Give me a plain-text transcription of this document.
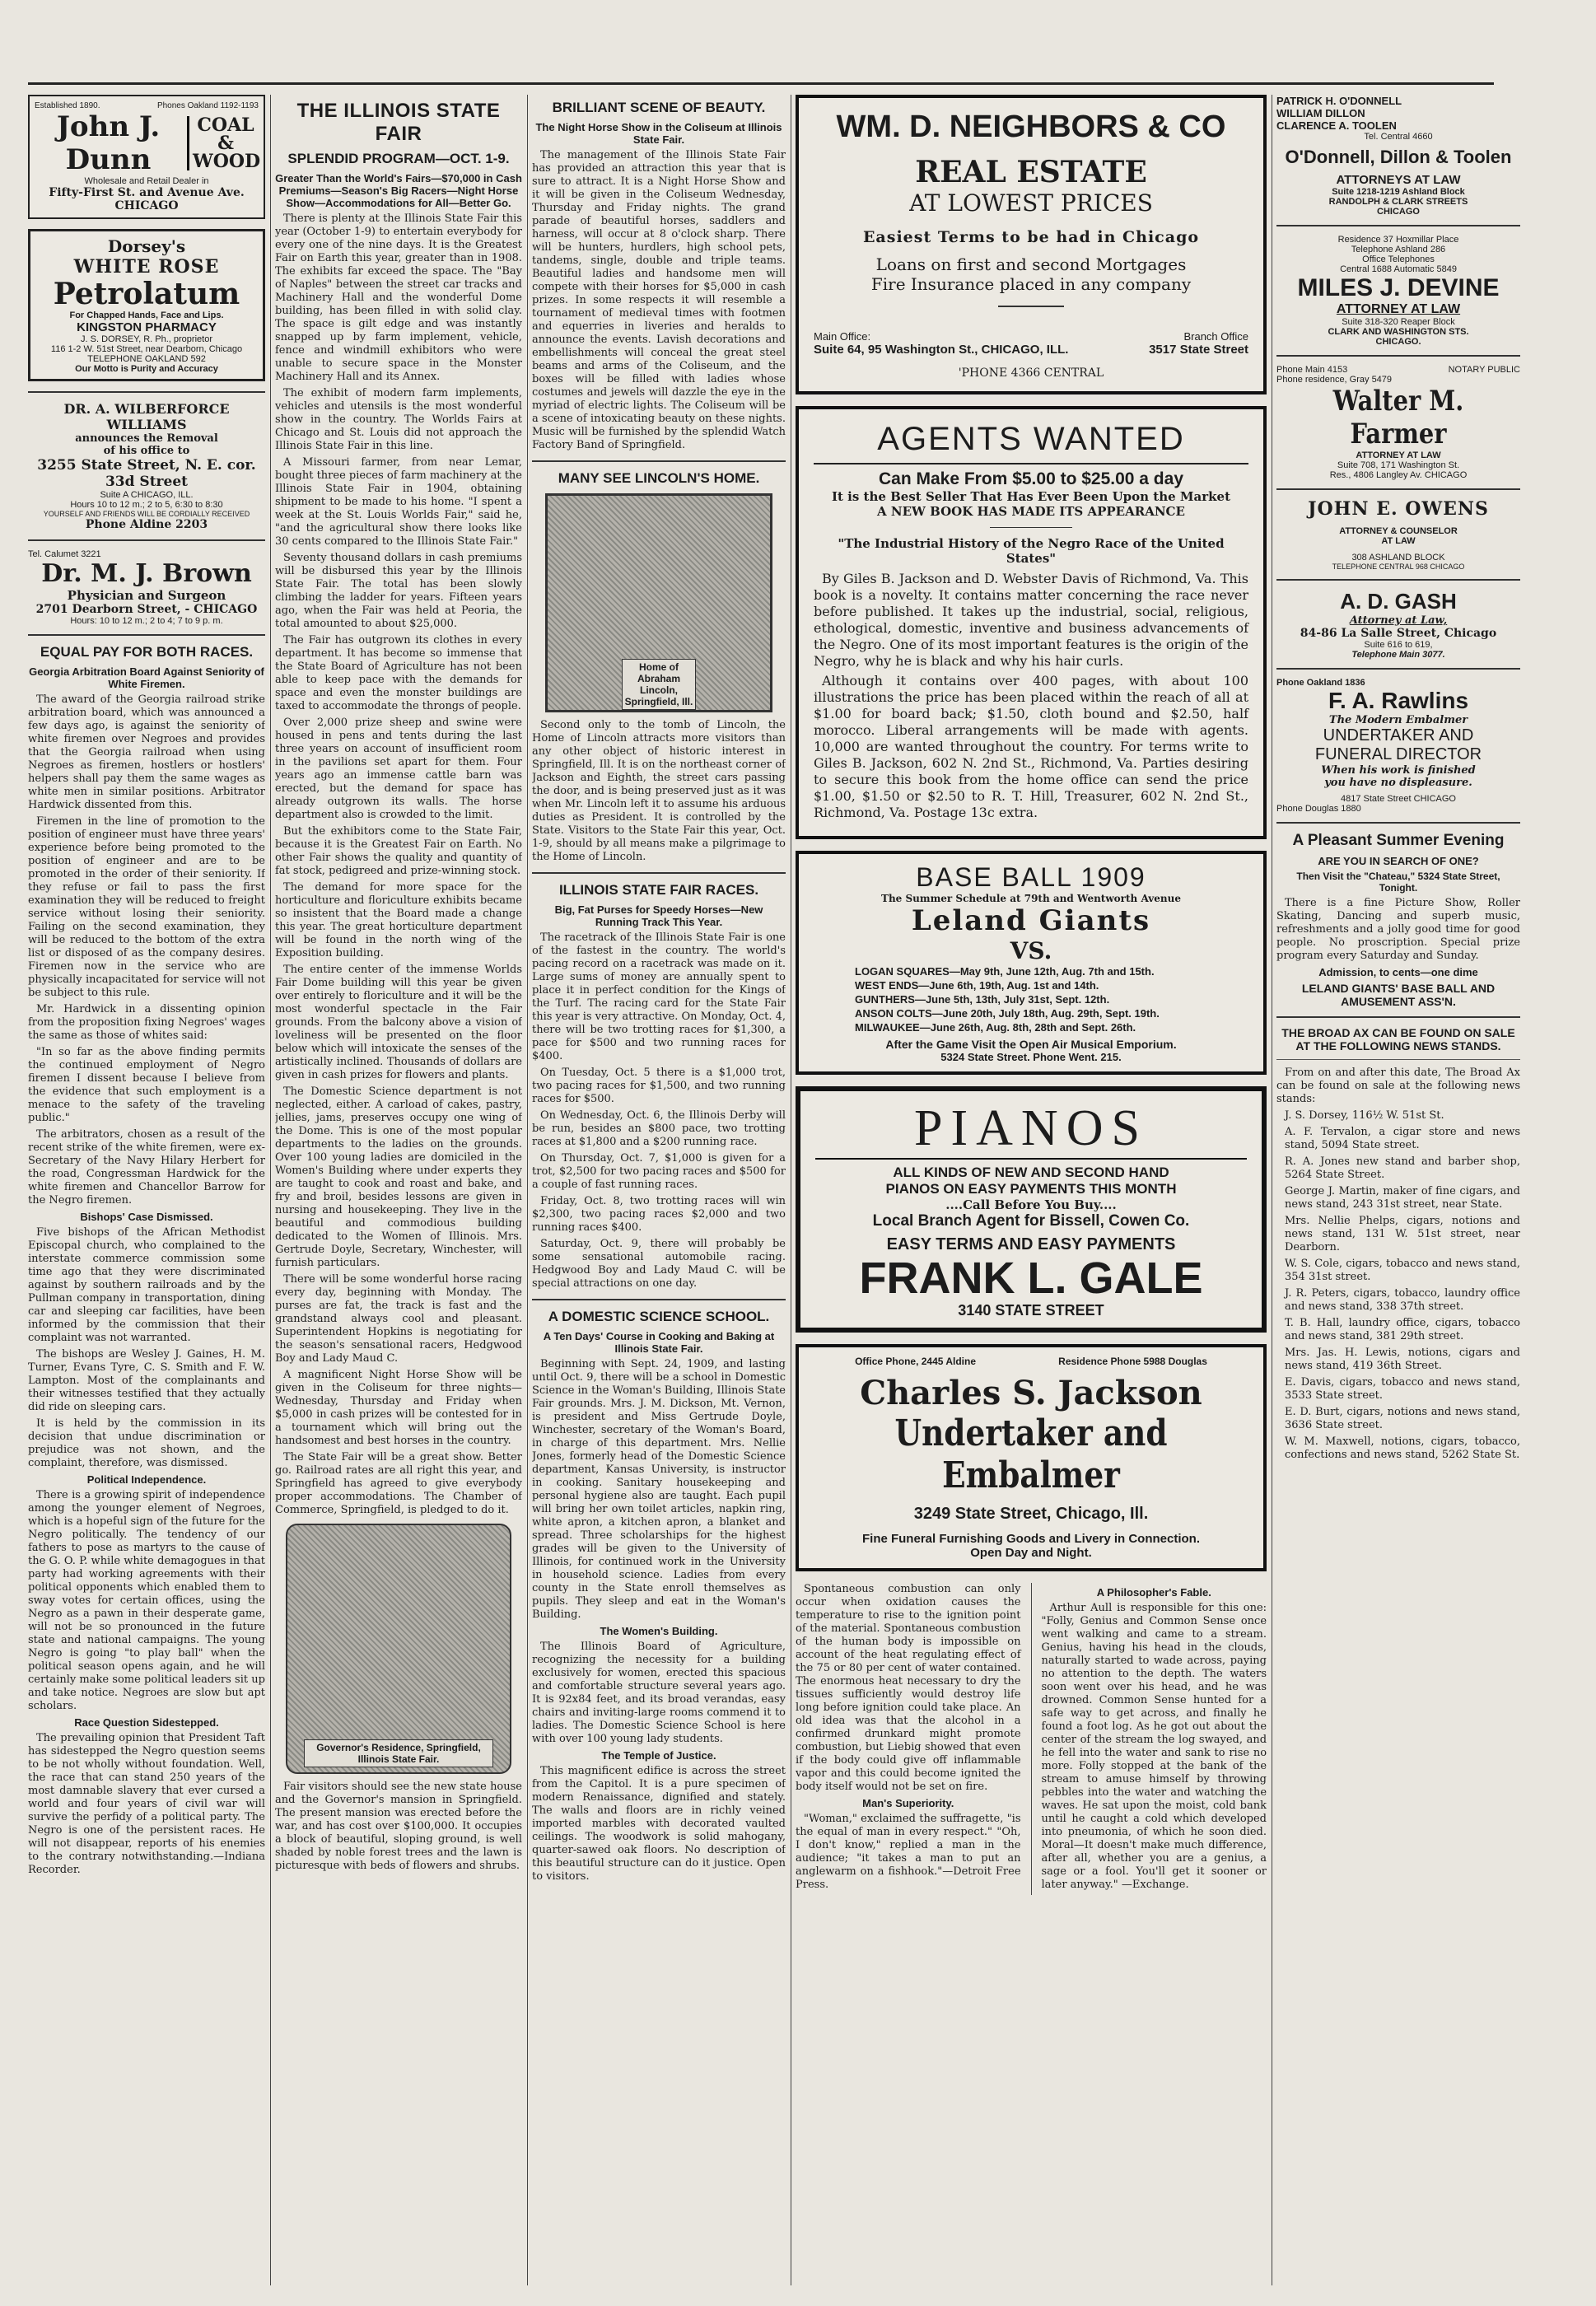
Established 1890.	Phones Oakland 1192-1193
John J. Dunn
COAL & WOOD
Wholesale and Retail Dealer in
Fifty-First St. and Avenue Ave.
CHICAGO
Dorsey's
WHITE ROSE
Petrolatum
For Chapped Hands, Face and Lips.
KINGSTON PHARMACY
J. S. DORSEY, R. Ph., proprietor
116 1-2 W. 51st Street, near Dearborn, Chicago
TELEPHONE OAKLAND 592
Our Motto is Purity and Accuracy
DR. A. WILBERFORCE WILLIAMS
announces the Removal
of his office to
3255 State Street, N. E. cor. 33d Street
Suite A CHICAGO, ILL.
Hours 10 to 12 m.; 2 to 5, 6:30 to 8:30
YOURSELF AND FRIENDS WILL BE CORDIALLY RECEIVED
Phone Aldine 2203
Tel. Calumet 3221
Dr. M. J. Brown
Physician and Surgeon
2701 Dearborn Street, - CHICAGO
Hours: 10 to 12 m.; 2 to 4; 7 to 9 p. m.
EQUAL PAY FOR BOTH RACES.
Georgia Arbitration Board Against Seniority of White Firemen.

The award of the Georgia railroad strike arbitration board, which was announced a few days ago, is against the seniority of white firemen over Negroes and provides that the Georgia railroad when using Negroes as firemen, hostlers or hostlers' helpers shall pay them the same wages as white men in similar positions. Arbitrator Hardwick dissented from this.

Firemen in the line of promotion to the position of engineer must have three years' experience before being promoted to the position of engineer and are to be promoted in the order of their seniority. If they refuse or fail to pass the first examination they will be reduced to freight service without losing their seniority. Failing on the second examination, they will be reduced to the bottom of the extra list or disposed of as the company desires. Firemen now in the service who are physically incapacitated for service will not be subject to this rule.

Mr. Hardwick in a dissenting opinion from the proposition fixing Negroes' wages the same as those of whites said:

"In so far as the above finding permits the continued employment of Negro firemen I dissent because I believe from the evidence that such employment is a menace to the safety of the traveling public."

The arbitrators, chosen as a result of the recent strike of the white firemen, were ex-Secretary of the Navy Hilary Herbert for the road, Congressman Hardwick for the white firemen and Chancellor Barrow for the Negro firemen.

Bishops' Case Dismissed.

Five bishops of the African Methodist Episcopal church, who complained to the interstate commerce commission some time ago that they were discriminated against by southern railroads and by the Pullman company in transportation, dining car and sleeping car facilities, have been informed by the commission that their complaint was not warranted.

The bishops are Wesley J. Gaines, H. M. Turner, Evans Tyre, C. S. Smith and F. W. Lampton. Most of the complainants and their witnesses testified that they actually did ride on sleeping cars.

It is held by the commission in its decision that undue discrimination or prejudice was not shown, and the complaint, therefore, was dismissed.

Political Independence.

There is a growing spirit of independence among the younger element of Negroes, which is a hopeful sign of the future for the Negro politically. The tendency of our fathers to pose as martyrs to the cause of the G. O. P. while white demagogues in that party had working agreements with their political opponents which enabled them to sway votes for certain offices, using the Negro as a pawn in their desperate game, will not be so pronounced in the future state and national campaigns. The young Negro is going "to play ball" when the political season opens again, and he will certainly make some political leaders sit up and take notice. Negroes are slow but apt scholars.

Race Question Sidestepped.

The prevailing opinion that President Taft has sidestepped the Negro question seems to be not wholly without foundation. Well, the race that can stand 250 years of the most damnable slavery that ever cursed a world and four years of civil war will survive the perfidy of a political party. The Negro is one of the persistent races. He will not disappear, reports of his enemies to the contrary notwithstanding.—Indiana Recorder.

THE ILLINOIS STATE FAIR
SPLENDID PROGRAM—OCT. 1-9.
Greater Than the World's Fairs—$70,000 in Cash Premiums—Season's Big Racers—Night Horse Show—Accommodations for All—Better Go.

There is plenty at the Illinois State Fair this year (October 1-9) to entertain everybody for every one of the nine days. It is the Greatest Fair on Earth this year, greater than in 1908. The exhibits far exceed the space. The "Bay of Naples" between the street car tracks and Machinery Hall and the wonderful Dome building, has been filled in with solid clay. The space is gilt edge and was instantly snapped up by farm implement, vehicle, fence and windmill exhibitors who were unable to secure space in the Monster Machinery Hall and its Annex.

The exhibit of modern farm implements, vehicles and utensils is the most wonderful show in the country. The Worlds Fairs at Chicago and St. Louis did not approach the Illinois State Fair in this line.

A Missouri farmer, from near Lemar, bought three pieces of farm machinery at the Illinois State Fair in 1904, obtaining shipment to be made to his home. "I spent a week at the St. Louis Worlds Fair," said he, "and the agricultural show there looks like 30 cents compared to the Illinois State Fair."

Seventy thousand dollars in cash premiums will be disbursed this year by the Illinois State Fair. The total has been slowly climbing the ladder for years. Fifteen years ago, when the Fair was held at Peoria, the total amounted to about $25,000.

The Fair has outgrown its clothes in every department. It has become so immense that the State Board of Agriculture has not been able to keep pace with the demands for space and even the monster buildings are taxed to accommodate the throngs of people.

Over 2,000 prize sheep and swine were housed in pens and tents during the last three years on account of insufficient room in the pavilions set apart for them. Four years ago an immense cattle barn was erected, but the demand for space has already outgrown its walls. The horse department also is crowded to the limit.

But the exhibitors come to the State Fair, because it is the Greatest Fair on Earth. No other Fair shows the quality and quantity of fat stock, pedigreed and prize-winning stock.

The demand for more space for the horticulture and floriculture exhibits became so insistent that the Board made a change this year. The great horticulture department will be found in the north wing of the Exposition building.

The entire center of the immense Worlds Fair Dome building will this year be given over entirely to floriculture and it will be the most wonderful spectacle in the Fair grounds. From the balcony above a vision of loveliness will be presented on the floor below which will intoxicate the senses of the artistically inclined. Thousands of dollars are given in cash prizes for flowers and plants.

The Domestic Science department is not neglected, either. A carload of cakes, pastry, jellies, jams, preserves occupy one wing of the Dome. This is one of the most popular departments to the ladies on the grounds. Over 100 young ladies are domiciled in the Women's Building where under experts they are taught to cook and roast and bake, and fry and broil, besides lessons are given in nursing and housekeeping. They live in the beautiful and commodious building dedicated to the Women of Illinois. Mrs. Gertrude Doyle, Secretary, Winchester, will furnish particulars.

There will be some wonderful horse racing every day, beginning with Monday. The purses are fat, the track is fast and the grandstand always cool and pleasant. Superintendent Hopkins is negotiating for the season's sensational racers, Hedgwood Boy and Lady Maud C.

A magnificent Night Horse Show will be given in the Coliseum for three nights—Wednesday, Thursday and Friday when $5,000 in cash prizes will be contested for in a tournament which will bring out the handsomest and best horses in the country.

The State Fair will be a great show. Better go. Railroad rates are all right this year, and Springfield has agreed to give everybody proper accommodations. The Chamber of Commerce, Springfield, is pledged to do it.

Governor's Residence, Springfield, Illinois State Fair.

Fair visitors should see the new state house and the Governor's mansion in Springfield. The present mansion was erected before the war, and has cost over $100,000. It occupies a block of beautiful, sloping ground, is well shaded by noble forest trees and the lawn is picturesque with beds of flowers and shrubs.

BRILLIANT SCENE OF BEAUTY.
The Night Horse Show in the Coliseum at Illinois State Fair.

The management of the Illinois State Fair has provided an attraction this year that is sure to attract. It is a Night Horse Show and it will be given in the Coliseum Wednesday, Thursday and Friday nights. The grand parade of beautiful horses, saddlers and harness, will occur at 8 o'clock sharp. There will be hunters, hurdlers, high school pets, tandems, single, double and triple teams. Beautiful ladies and handsome men will compete with their horses for $5,000 in cash prizes. In some respects it will resemble a tournament of medieval times with footmen and equerries in liveries and heralds to announce the events. Lavish decorations and embellishments will conceal the great steel beams and arms of the Coliseum, and the boxes will be filled with ladies whose costumes and jewels will dazzle the eye in the myriad of electric lights. The Coliseum will be a scene of intoxicating beauty on these nights. Music will be furnished by the splendid Watch Factory Band of Springfield.

MANY SEE LINCOLN'S HOME.
Home of
Abraham Lincoln,
Springfield, Ill.

Second only to the tomb of Lincoln, the Home of Lincoln attracts more visitors than any other object of historic interest in Springfield, Ill. It is on the northeast corner of Jackson and Eighth, the street cars passing the door, and is being preserved just as it was when Mr. Lincoln left it to assume his arduous duties as President. It is controlled by the State. Visitors to the State Fair this year, Oct. 1-9, should by all means make a pilgrimage to the Home of Lincoln.

ILLINOIS STATE FAIR RACES.
Big, Fat Purses for Speedy Horses—New Running Track This Year.

The racetrack of the Illinois State Fair is one of the fastest in the country. The world's pacing record on a racetrack was made on it. Large sums of money are annually spent to place it in perfect condition for the Kings of the Turf. The racing card for the State Fair this year is very attractive. On Monday, Oct. 4, there will be two trotting races for $1,300, a pace for $500 and two running races for $400.

On Tuesday, Oct. 5 there is a $1,000 trot, two pacing races for $1,500, and two running races for $500.

On Wednesday, Oct. 6, the Illinois Derby will be run, besides an $800 pace, two trotting races at $1,800 and a $200 running race.

On Thursday, Oct. 7, $1,000 is given for a trot, $2,500 for two pacing races and $500 for a couple of fast running races.

Friday, Oct. 8, two trotting races will win $2,300, two pacing races $2,000 and two running races $400.

Saturday, Oct. 9, there will probably be some sensational automobile racing. Hedgwood Boy and Lady Maud C. will be special attractions on one day.

A DOMESTIC SCIENCE SCHOOL.
A Ten Days' Course in Cooking and Baking at Illinois State Fair.

Beginning with Sept. 24, 1909, and lasting until Oct. 9, there will be a school in Domestic Science in the Woman's Building, Illinois State Fair grounds. Mrs. J. M. Dickson, Mt. Vernon, is president and Miss Gertrude Doyle, Winchester, secretary of the Woman's Board, in charge of this department. Mrs. Nellie Jones, formerly head of the Domestic Science department, Kansas University, is instructor in cooking. Sanitary housekeeping and personal hygiene also are taught. Each pupil will bring her own toilet articles, napkin ring, white apron, a kitchen apron, a blanket and spread. Three scholarships for the highest grades will be given to the University of Illinois, for continued work in the University in household science. Ladies from every county in the State enroll themselves as pupils. They sleep and eat in the Woman's Building.

The Women's Building.

The Illinois Board of Agriculture, recognizing the necessity for a building exclusively for women, erected this spacious and comfortable structure several years ago. It is 92x84 feet, and its broad verandas, easy chairs and inviting-large rooms commend it to ladies. The Domestic Science School is here with over 100 young lady students.

The Temple of Justice.

This magnificent edifice is across the street from the Capitol. It is a pure specimen of modern Renaissance, dignified and stately. The walls and floors are in richly veined imported marbles with decorated vaulted ceilings. The woodwork is solid mahogany, quarter-sawed oak floors. No description of this beautiful structure can do it justice. Open to visitors.

WM. D. NEIGHBORS & CO
REAL ESTATE
AT LOWEST PRICES
Easiest Terms to be had in Chicago
Loans on first and second Mortgages
Fire Insurance placed in any company
Main Office:
Suite 64, 95 Washington St., CHICAGO, ILL.
Branch Office
3517 State Street
'PHONE 4366 CENTRAL
AGENTS WANTED
Can Make From $5.00 to $25.00 a day
It is the Best Seller That Has Ever Been Upon the Market
A NEW BOOK HAS MADE ITS APPEARANCE
"The Industrial History of the Negro Race of the United States"

By Giles B. Jackson and D. Webster Davis of Richmond, Va. This book is a novelty. It contains matter concerning the race never before published. It takes up the industrial, social, religious, ethological, domestic, inventive and business advancements of the Negro. One of its most important features is the origin of the Negro, why he is black and why his hair curls.

Although it contains over 400 pages, with about 100 illustrations the price has been placed within the reach of all at $1.00 for board back; $1.50, cloth bound and $2.50, half morocco. Liberal arrangements will be made with agents. 10,000 are wanted throughout the country. For terms write to Giles B. Jackson, 602 N. 2nd St., Richmond, Va. Parties desiring to secure this book from the home office can send the price $1.00, $1.50 or $2.50 to R. T. Hill, Treasurer, 602 N. 2nd St., Richmond, Va. Postage 13c extra.

BASE BALL 1909
The Summer Schedule at 79th and Wentworth Avenue
Leland Giants
VS.
LOGAN SQUARES—May 9th, June 12th, Aug. 7th and 15th.
WEST ENDS—June 6th, 19th, Aug. 1st and 14th.
GUNTHERS—June 5th, 13th, July 31st, Sept. 12th.
ANSON COLTS—June 20th, July 18th, Aug. 29th, Sept. 19th.
MILWAUKEE—June 26th, Aug. 8th, 28th and Sept. 26th.
After the Game Visit the Open Air Musical Emporium.
5324 State Street. Phone Went. 215.
PIANOS
ALL KINDS OF NEW AND SECOND HAND
PIANOS ON EASY PAYMENTS THIS MONTH
....Call Before You Buy....
Local Branch Agent for Bissell, Cowen Co.
EASY TERMS AND EASY PAYMENTS
FRANK L. GALE
3140 STATE STREET
Office Phone, 2445 Aldine	Residence Phone 5988 Douglas
Charles S. Jackson
Undertaker and Embalmer
3249 State Street, Chicago, Ill.
Fine Funeral Furnishing Goods and Livery in Connection. Open Day and Night.

Spontaneous combustion can only occur when oxidation causes the temperature to rise to the ignition point of the material. Spontaneous combustion of the human body is impossible on account of the heat regulating effect of the 75 or 80 per cent of water contained. The enormous heat necessary to dry the tissues sufficiently would destroy life long before ignition could take place. An old idea was that the alcohol in a confirmed drunkard might promote combustion, but Liebig showed that even if the body could give off inflammable vapor and this could become ignited the body itself would not be set on fire.

Man's Superiority.

"Woman," exclaimed the suffragette, "is the equal of man in every respect." "Oh, I don't know," replied a man in the audience; "it takes a man to put an anglewarm on a fishhook."—Detroit Free Press.

A Philosopher's Fable.

Arthur Aull is responsible for this one: "Folly, Genius and Common Sense once went walking and came to a stream. Genius, having his head in the clouds, naturally started to wade across, paying no attention to the depth. The waters soon went over his head, and he was drowned. Common Sense hunted for a safe way to get across, and finally he found a foot log. As he got out about the center of the stream the log swayed, and he fell into the water and sank to rise no more. Folly stopped at the bank of the stream to amuse himself by throwing pebbles into the water and watching the waves. He sat upon the moist, cold bank until he caught a cold which developed into pneumonia, of which he soon died. Moral—It doesn't make much difference, after all, whether you are a genius, a sage or a fool. You'll get it sooner or later anyway." —Exchange.

PATRICK H. O'DONNELL
WILLIAM DILLON
CLARENCE A. TOOLEN
Tel. Central 4660
O'Donnell, Dillon & Toolen
ATTORNEYS AT LAW
Suite 1218-1219 Ashland Block
RANDOLPH & CLARK STREETS
CHICAGO
Residence 37 Hoxmillar Place
Telephone Ashland 286
Office Telephones
Central 1688 Automatic 5849
MILES J. DEVINE
ATTORNEY AT LAW
Suite 318-320 Reaper Block
CLARK AND WASHINGTON STS.
CHICAGO.
Phone Main 4153	NOTARY PUBLIC
Phone residence, Gray 5479
Walter M. Farmer
ATTORNEY AT LAW
Suite 708, 171 Washington St.
Res., 4806 Langley Av. CHICAGO
JOHN E. OWENS
ATTORNEY & COUNSELOR
AT LAW
308 ASHLAND BLOCK
TELEPHONE CENTRAL 968 CHICAGO
A. D. GASH
Attorney at Law,
84-86 La Salle Street, Chicago
Suite 616 to 619,
Telephone Main 3077.
Phone Oakland 1836
F. A. Rawlins
The Modern Embalmer
UNDERTAKER AND
FUNERAL DIRECTOR
When his work is finished
you have no displeasure.
4817 State Street CHICAGO
Phone Douglas 1880
A Pleasant Summer Evening
ARE YOU IN SEARCH OF ONE?
Then Visit the "Chateau," 5324 State Street, Tonight.

There is a fine Picture Show, Roller Skating, Dancing and superb music, refreshments and a jolly good time for good people. No proscription. Special prize program every Saturday and Sunday.

Admission, to cents—one dime
LELAND GIANTS' BASE BALL AND AMUSEMENT ASS'N.
THE BROAD AX CAN BE FOUND ON SALE AT THE FOLLOWING NEWS STANDS.

From on and after this date, The Broad Ax can be found on sale at the following news stands:

J. S. Dorsey, 116½ W. 51st St.

A. F. Tervalon, a cigar store and news stand, 5094 State street.

R. A. Jones new stand and barber shop, 5264 State Street.

George J. Martin, maker of fine cigars, and news stand, 243 31st street, near State.

Mrs. Nellie Phelps, cigars, notions and news stand, 131 W. 51st street, near Dearborn.

W. S. Cole, cigars, tobacco and news stand, 354 31st street.

J. R. Peters, cigars, tobacco, laundry office and news stand, 338 37th street.

T. B. Hall, laundry office, cigars, tobacco and news stand, 381 29th street.

Mrs. Jas. H. Lewis, notions, cigars and news stand, 419 36th Street.

E. Davis, cigars, tobacco and news stand, 3533 State street.

E. D. Burt, cigars, notions and news stand, 3636 State street.

W. M. Maxwell, notions, cigars, tobacco, confections and news stand, 5262 State St.
